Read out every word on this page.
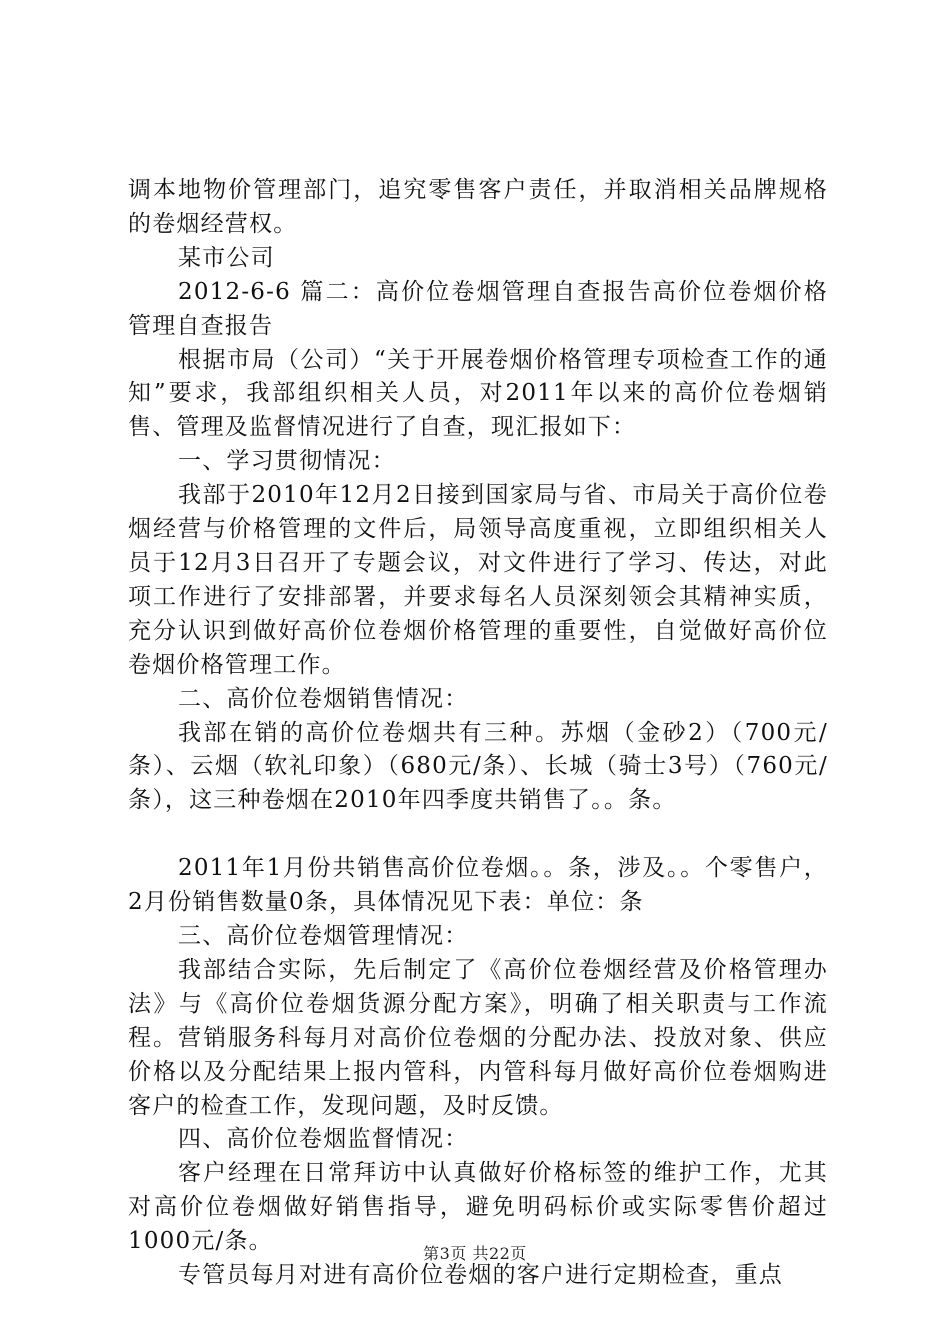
调本地物价管理部门，追究零售客户责任，并取消相关品牌规格的卷烟经营权。

某市公司

2012-6-6 篇二：高价位卷烟管理自查报告高价位卷烟价格管理自查报告

根据市局（公司）“关于开展卷烟价格管理专项检查工作的通知”要求，我部组织相关人员，对2011年以来的高价位卷烟销售、管理及监督情况进行了自查，现汇报如下：

一、学习贯彻情况：

我部于2010年12月2日接到国家局与省、市局关于高价位卷烟经营与价格管理的文件后，局领导高度重视，立即组织相关人员于12月3日召开了专题会议，对文件进行了学习、传达，对此项工作进行了安排部署，并要求每名人员深刻领会其精神实质，充分认识到做好高价位卷烟价格管理的重要性，自觉做好高价位卷烟价格管理工作。

二、高价位卷烟销售情况：

我部在销的高价位卷烟共有三种。苏烟（金砂2）（700元/条）、云烟（软礼印象）（680元/条）、长城（骑士3号）（760元/条），这三种卷烟在2010年四季度共销售了。。条。

2011年1月份共销售高价位卷烟。。条，涉及。。个零售户，2月份销售数量0条，具体情况见下表：单位：条

三、高价位卷烟管理情况：

我部结合实际，先后制定了《高价位卷烟经营及价格管理办法》与《高价位卷烟货源分配方案》，明确了相关职责与工作流程。营销服务科每月对高价位卷烟的分配办法、投放对象、供应价格以及分配结果上报内管科，内管科每月做好高价位卷烟购进客户的检查工作，发现问题，及时反馈。

四、高价位卷烟监督情况：

客户经理在日常拜访中认真做好价格标签的维护工作，尤其对高价位卷烟做好销售指导，避免明码标价或实际零售价超过1000元/条。

专管员每月对进有高价位卷烟的客户进行定期检查，重点

第3页 共22页
